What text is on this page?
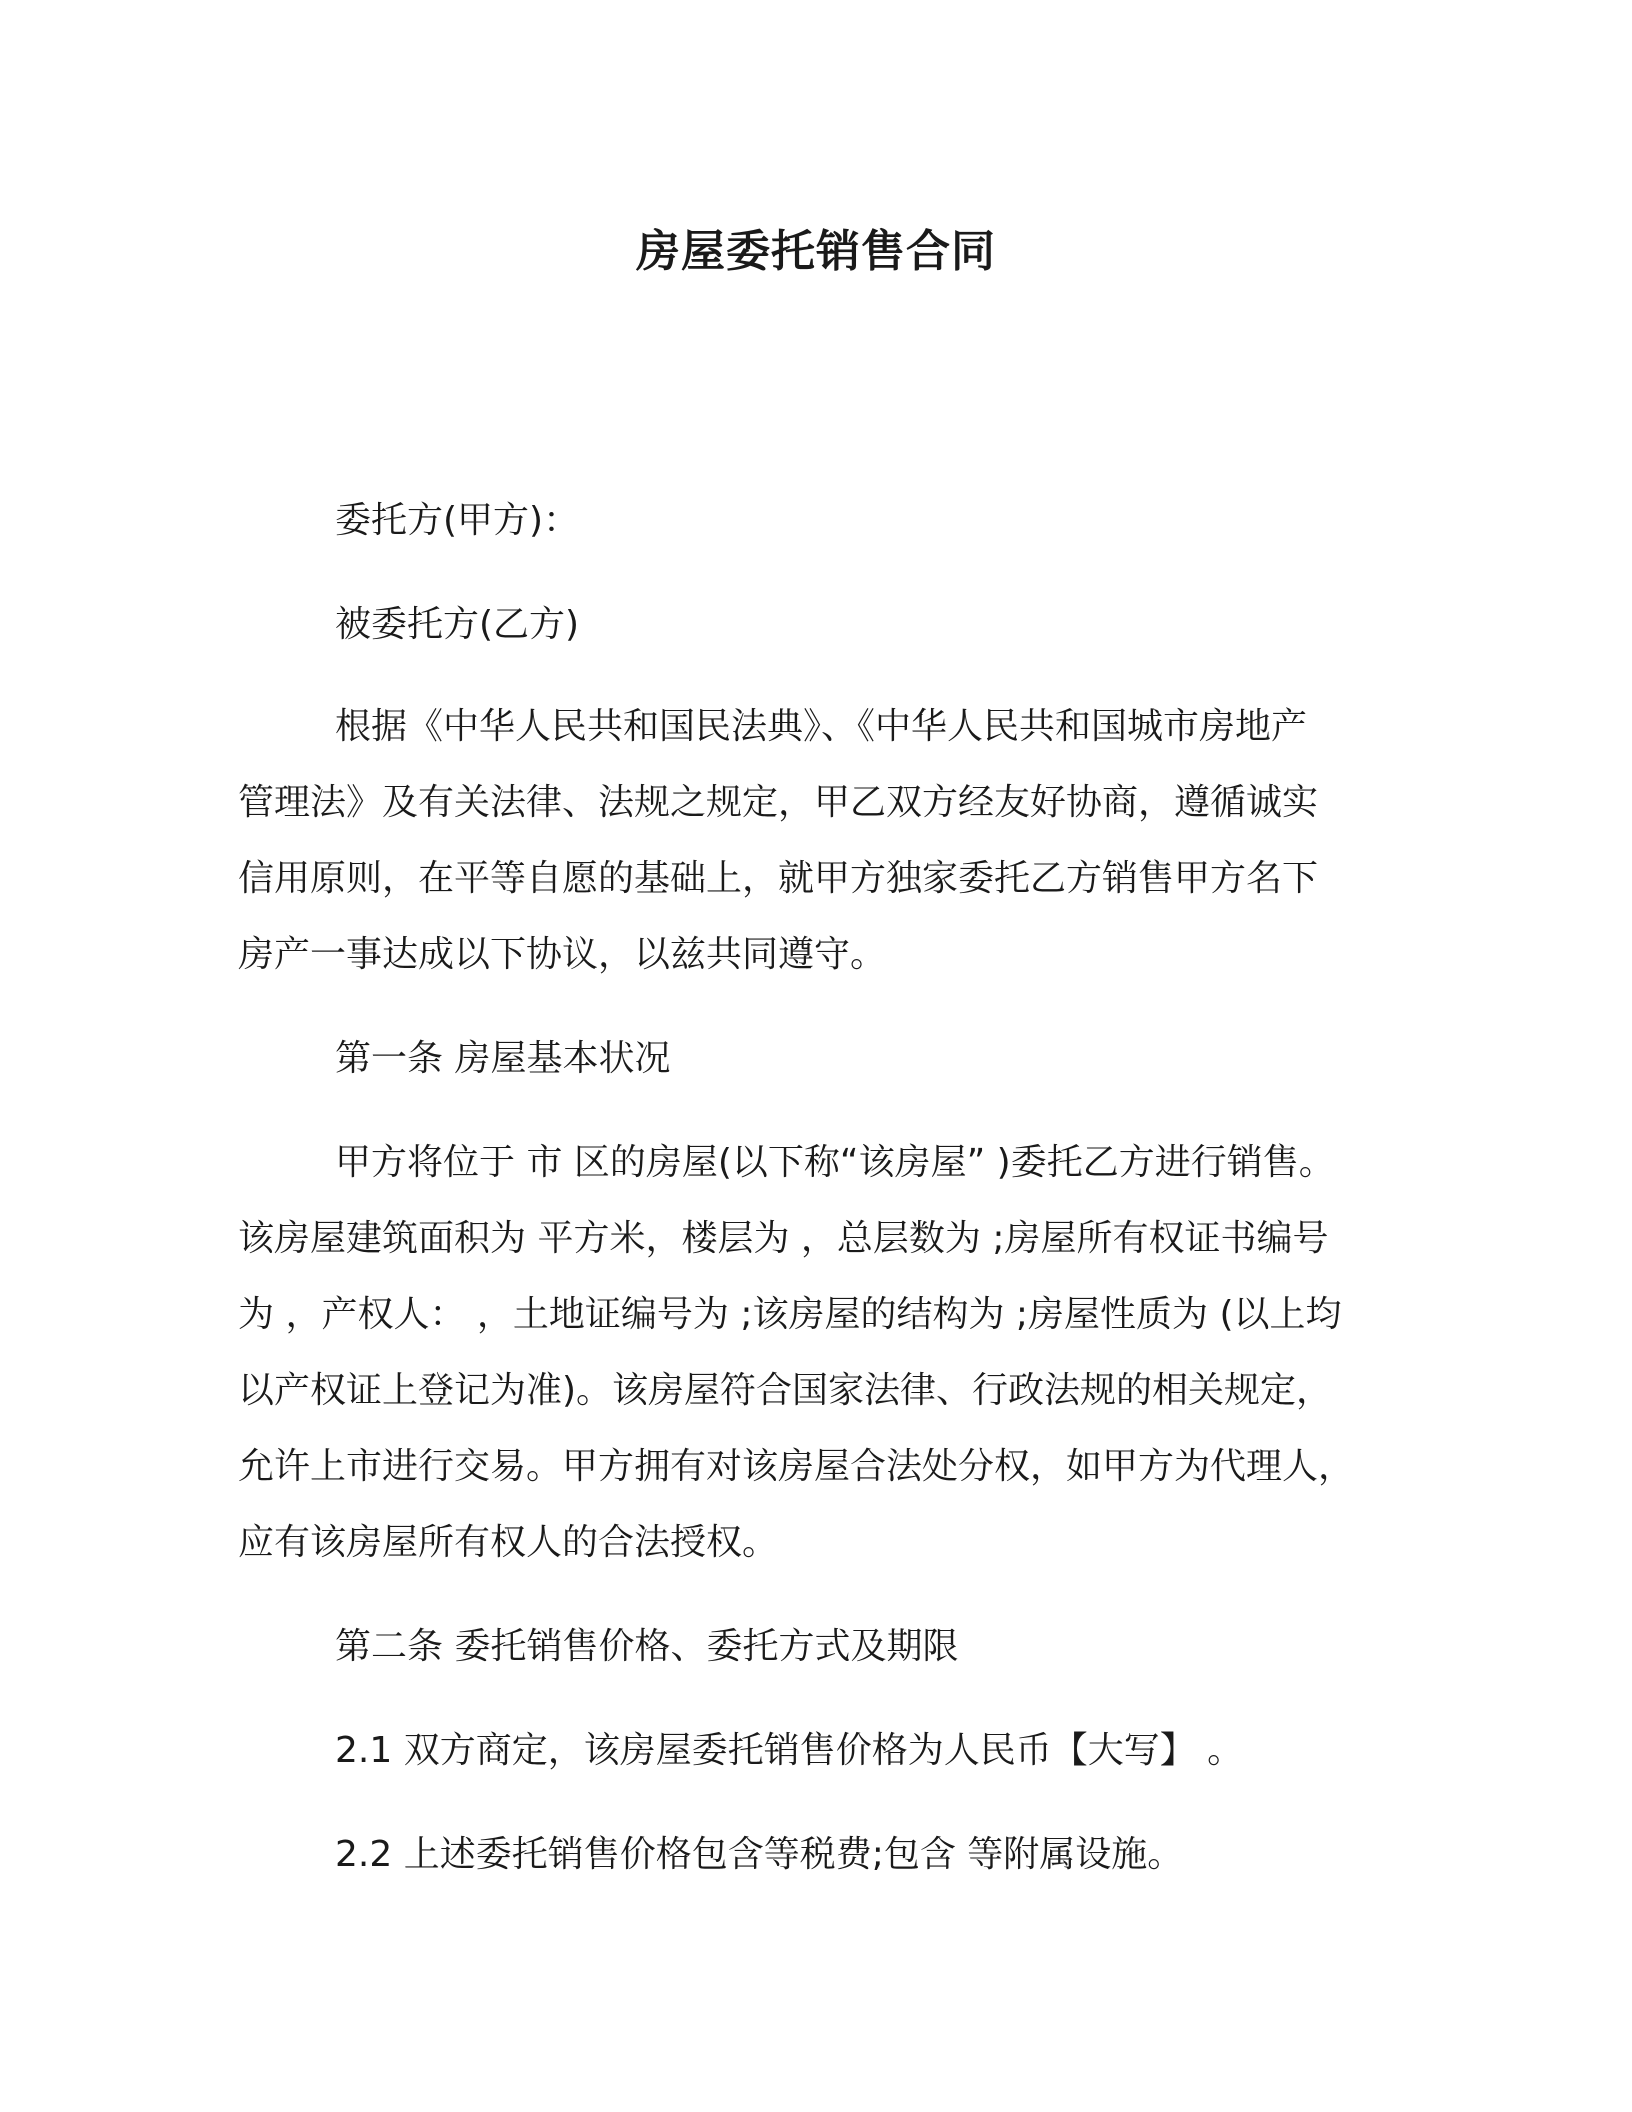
房屋委托销售合同
委托方(甲方)：
被委托方(乙方)
根据《中华人民共和国民法典》、《中华人民共和国城市房地产
管理法》及有关法律、法规之规定，甲乙双方经友好协商，遵循诚实
信用原则，在平等自愿的基础上，就甲方独家委托乙方销售甲方名下
房产一事达成以下协议，以兹共同遵守。
第一条 房屋基本状况
甲方将位于 市 区的房屋(以下称“该房屋” )委托乙方进行销售。
该房屋建筑面积为 平方米，楼层为 ，总层数为 ;房屋所有权证书编号
为 ，产权人： ，土地证编号为 ;该房屋的结构为 ;房屋性质为 (以上均
以产权证上登记为准)。该房屋符合国家法律、行政法规的相关规定，
允许上市进行交易。甲方拥有对该房屋合法处分权，如甲方为代理人，
应有该房屋所有权人的合法授权。
第二条 委托销售价格、委托方式及期限
2.1 双方商定，该房屋委托销售价格为人民币【大写】 。
2.2 上述委托销售价格包含等税费;包含 等附属设施。
